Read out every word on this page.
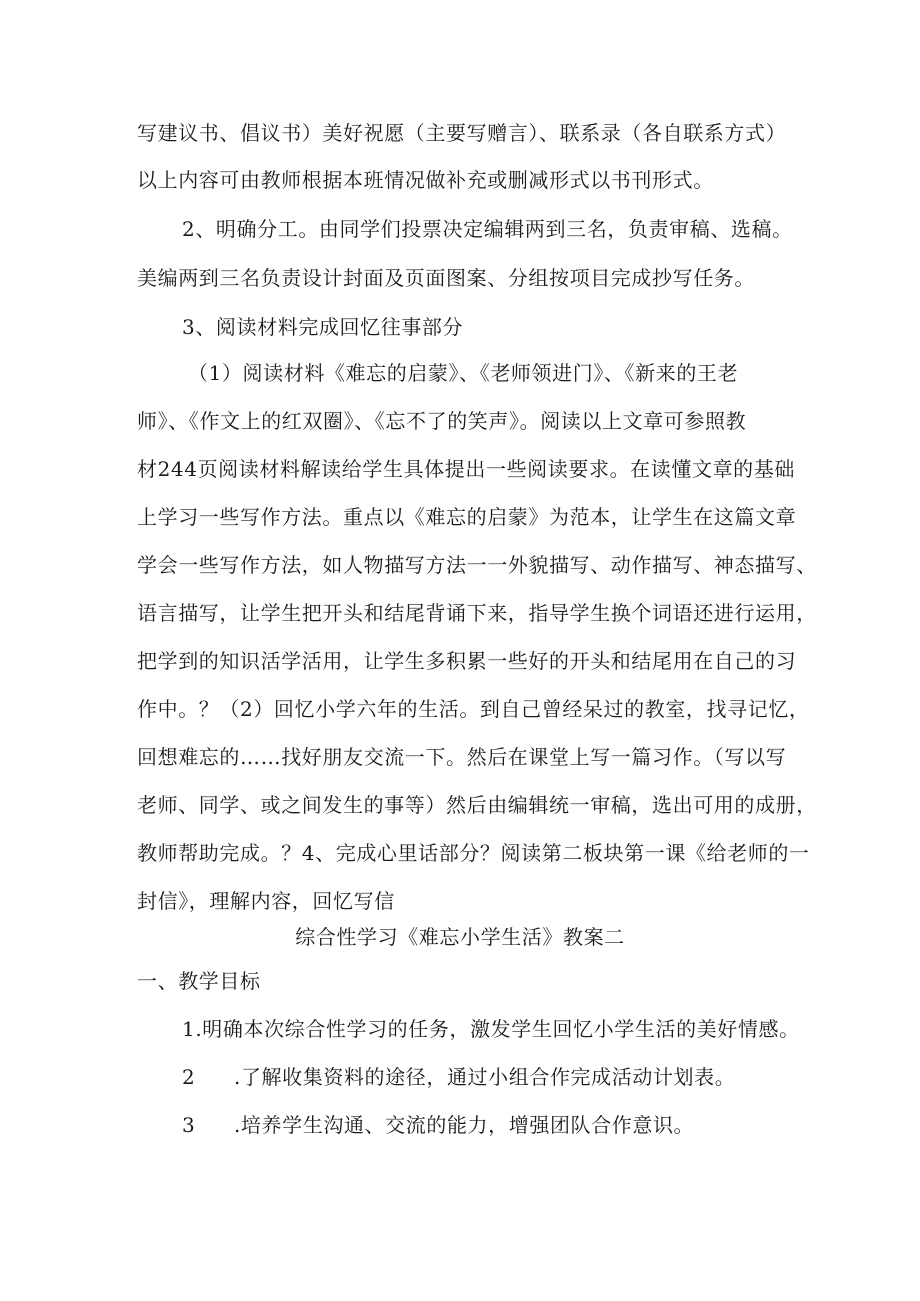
写建议书、倡议书）美好祝愿（主要写赠言）、联系录（各自联系方式）
以上内容可由教师根据本班情况做补充或删减形式以书刊形式。
2、明确分工。由同学们投票决定编辑两到三名，负责审稿、选稿。
美编两到三名负责设计封面及页面图案、分组按项目完成抄写任务。
3、阅读材料完成回忆往事部分
（1）阅读材料《难忘的启蒙》、《老师领进门》、《新来的王老
师》、《作文上的红双圈》、《忘不了的笑声》。阅读以上文章可参照教
材244页阅读材料解读给学生具体提出一些阅读要求。在读懂文章的基础
上学习一些写作方法。重点以《难忘的启蒙》为范本，让学生在这篇文章
学会一些写作方法，如人物描写方法一一外貌描写、动作描写、神态描写、
语言描写，让学生把开头和结尾背诵下来，指导学生换个词语还进行运用，
把学到的知识活学活用，让学生多积累一些好的开头和结尾用在自己的习
作中。？（2）回忆小学六年的生活。到自己曾经呆过的教室，找寻记忆，
回想难忘的……找好朋友交流一下。然后在课堂上写一篇习作。（写以写
老师、同学、或之间发生的事等）然后由编辑统一审稿，选出可用的成册，
教师帮助完成。？4、完成心里话部分？阅读第二板块第一课《给老师的一
封信》，理解内容，回忆写信
综合性学习《难忘小学生活》教案二
一、教学目标
1.明确本次综合性学习的任务，激发学生回忆小学生活的美好情感。
2 .了解收集资料的途径，通过小组合作完成活动计划表。
3 .培养学生沟通、交流的能力，增强团队合作意识。
